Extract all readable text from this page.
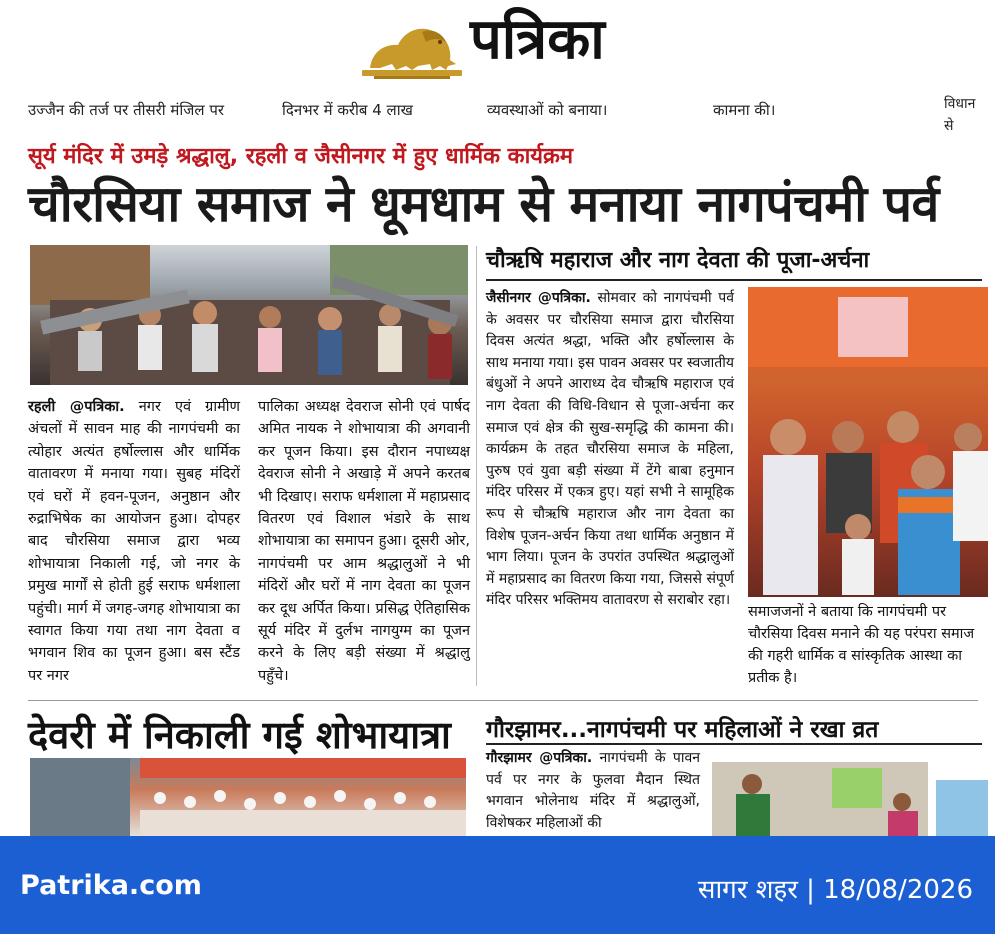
पत्रिका
उज्जैन की तर्ज पर तीसरी मंजिल पर	दिनभर में करीब 4 लाख	व्यवस्थाओं को बनाया।	कामना की।	विधान
से
सूर्य मंदिर में उमड़े श्रद्धालु, रहली व जैसीनगर में हुए धार्मिक कार्यक्रम
चौरसिया समाज ने धूमधाम से मनाया नागपंचमी पर्व
रहली @पत्रिका. नगर एवं ग्रामीण अंचलों में सावन माह की नागपंचमी का त्योहार अत्यंत हर्षोल्लास और धार्मिक वातावरण में मनाया गया। सुबह मंदिरों एवं घरों में हवन-पूजन, अनुष्ठान और रुद्राभिषेक का आयोजन हुआ। दोपहर बाद चौरसिया समाज द्वारा भव्य शोभायात्रा निकाली गई, जो नगर के प्रमुख मार्गों से होती हुई सराफ धर्मशाला पहुंची। मार्ग में जगह-जगह शोभायात्रा का स्वागत किया गया तथा नाग देवता व भगवान शिव का पूजन हुआ। बस स्टैंड पर नगर
पालिका अध्यक्ष देवराज सोनी एवं पार्षद अमित नायक ने शोभायात्रा की अगवानी कर पूजन किया। इस दौरान नपाध्यक्ष देवराज सोनी ने अखाड़े में अपने करतब भी दिखाए। सराफ धर्मशाला में महाप्रसाद वितरण एवं विशाल भंडारे के साथ शोभायात्रा का समापन हुआ। दूसरी ओर, नागपंचमी पर आम श्रद्धालुओं ने भी मंदिरों और घरों में नाग देवता का पूजन कर दूध अर्पित किया। प्रसिद्ध ऐतिहासिक सूर्य मंदिर में दुर्लभ नागयुग्म का पूजन करने के लिए बड़ी संख्या में श्रद्धालु पहुँचे।
चौऋषि महाराज और नाग देवता की पूजा-अर्चना
जैसीनगर @पत्रिका. सोमवार को नागपंचमी पर्व के अवसर पर चौरसिया समाज द्वारा चौरसिया दिवस अत्यंत श्रद्धा, भक्ति और हर्षोल्लास के साथ मनाया गया। इस पावन अवसर पर स्वजातीय बंधुओं ने अपने आराध्य देव चौऋषि महाराज एवं नाग देवता की विधि-विधान से पूजा-अर्चना कर समाज एवं क्षेत्र की सुख-समृद्धि की कामना की। कार्यक्रम के तहत चौरसिया समाज के महिला, पुरुष एवं युवा बड़ी संख्या में टेंगे बाबा हनुमान मंदिर परिसर में एकत्र हुए। यहां सभी ने सामूहिक रूप से चौऋषि महाराज और नाग देवता का विशेष पूजन-अर्चन किया तथा धार्मिक अनुष्ठान में भाग लिया। पूजन के उपरांत उपस्थित श्रद्धालुओं में महाप्रसाद का वितरण किया गया, जिससे संपूर्ण मंदिर परिसर भक्तिमय वातावरण से सराबोर रहा।
समाजजनों ने बताया कि नागपंचमी पर चौरसिया दिवस मनाने की यह परंपरा समाज की गहरी धार्मिक व सांस्कृतिक आस्था का प्रतीक है।
देवरी में निकाली गई शोभायात्रा गौरझामर...नागपंचमी पर महिलाओं ने रखा व्रत
गौरझामर @पत्रिका. नागपंचमी के पावन पर्व पर नगर के फुलवा मैदान स्थित भगवान भोलेनाथ मंदिर में श्रद्धालुओं, विशेषकर महिलाओं की
Patrika.com	सागर शहर | 18/08/2026
